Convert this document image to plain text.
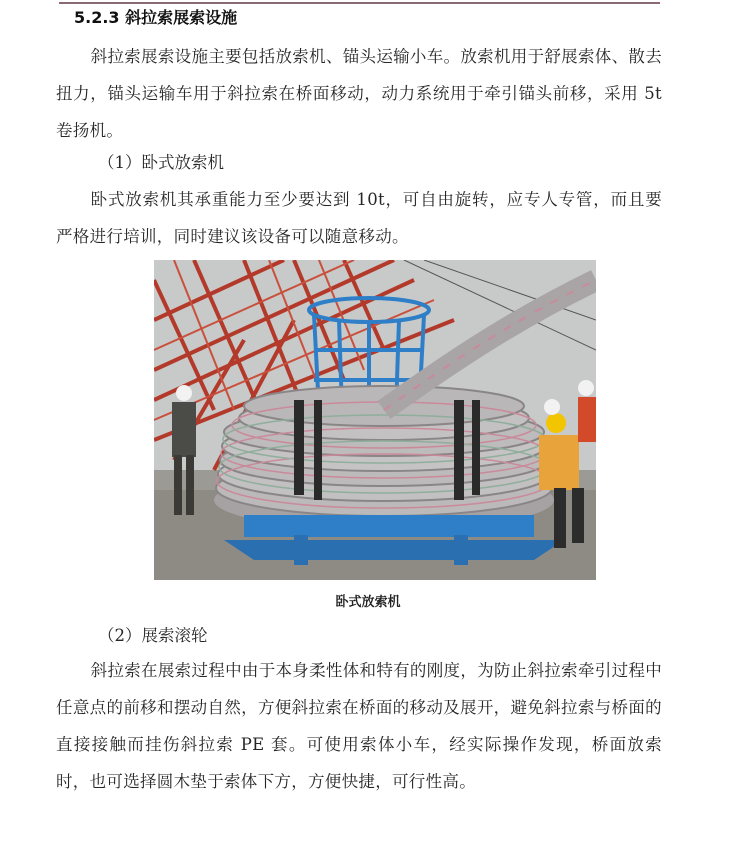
5.2.3 斜拉索展索设施
斜拉索展索设施主要包括放索机、锚头运输小车。放索机用于舒展索体、散去扭力，锚头运输车用于斜拉索在桥面移动，动力系统用于牵引锚头前移，采用 5t 卷扬机。
（1）卧式放索机
卧式放索机其承重能力至少要达到 10t，可自由旋转，应专人专管，而且要严格进行培训，同时建议该设备可以随意移动。
卧式放索机
（2）展索滚轮
斜拉索在展索过程中由于本身柔性体和特有的刚度，为防止斜拉索牵引过程中任意点的前移和摆动自然，方便斜拉索在桥面的移动及展开，避免斜拉索与桥面的直接接触而挂伤斜拉索 PE 套。可使用索体小车，经实际操作发现，桥面放索时，也可选择圆木垫于索体下方，方便快捷，可行性高。
